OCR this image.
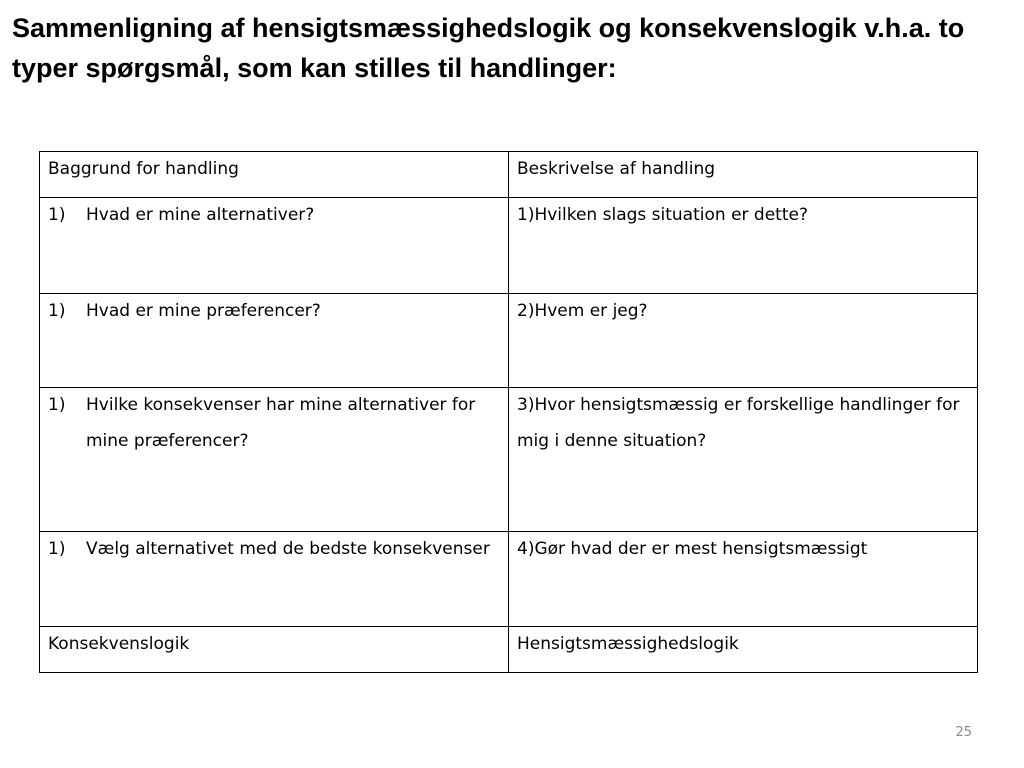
Sammenligning af hensigtsmæssighedslogik og konsekvenslogik v.h.a. to typer spørgsmål, som kan stilles til handlinger:
Baggrund for handling	Beskrivelse af handling

1) Hvad er mine alternativer?	1)Hvilken slags situation er dette?

1) Hvad er mine præferencer?	2)Hvem er jeg?

1) Hvilke konsekvenser har mine alternativer for mine præferencer?	3)Hvor hensigtsmæssig er forskellige handlinger for mig i denne situation?

1) Vælg alternativet med de bedste konsekvenser	4)Gør hvad der er mest hensigtsmæssigt

Konsekvenslogik	Hensigtsmæssighedslogik
25
